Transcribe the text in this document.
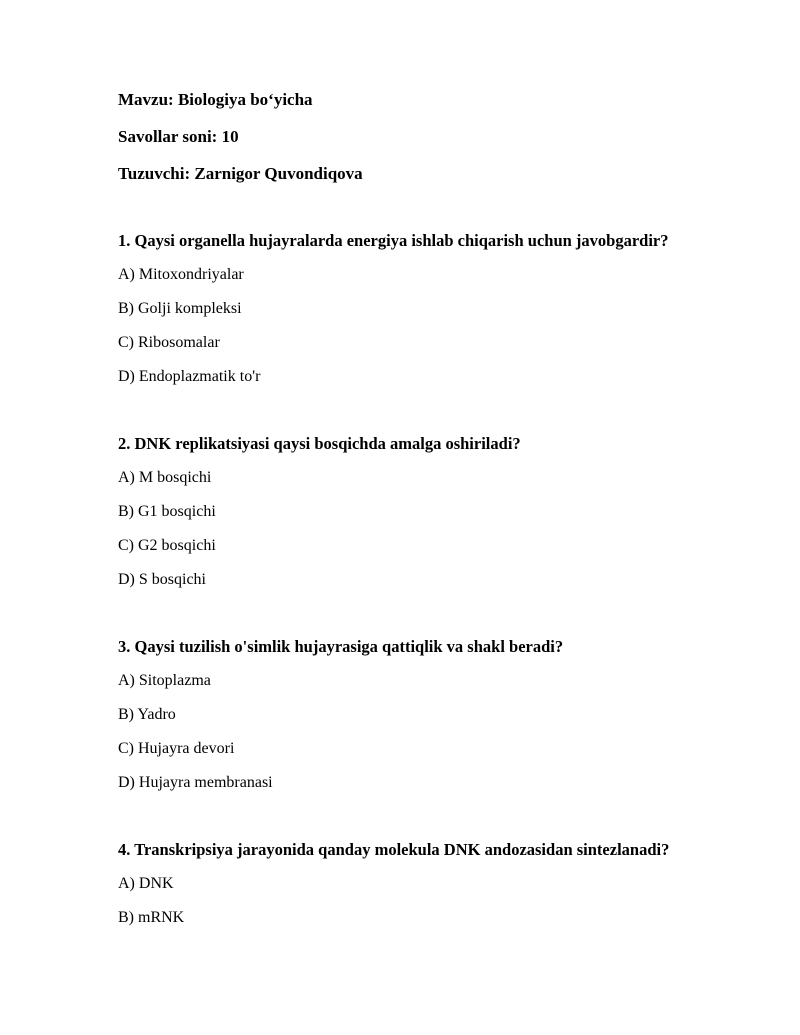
Mavzu: Biologiya bo‘yicha

Savollar soni: 10

Tuzuvchi: Zarnigor Quvondiqova

1. Qaysi organella hujayralarda energiya ishlab chiqarish uchun javobgardir?

A) Mitoxondriyalar

B) Golji kompleksi

C) Ribosomalar

D) Endoplazmatik to'r

2. DNK replikatsiyasi qaysi bosqichda amalga oshiriladi?

A) M bosqichi

B) G1 bosqichi

C) G2 bosqichi

D) S bosqichi

3. Qaysi tuzilish o'simlik hujayrasiga qattiqlik va shakl beradi?

A) Sitoplazma

B) Yadro

C) Hujayra devori

D) Hujayra membranasi

4. Transkripsiya jarayonida qanday molekula DNK andozasidan sintezlanadi?

A) DNK

B) mRNK
